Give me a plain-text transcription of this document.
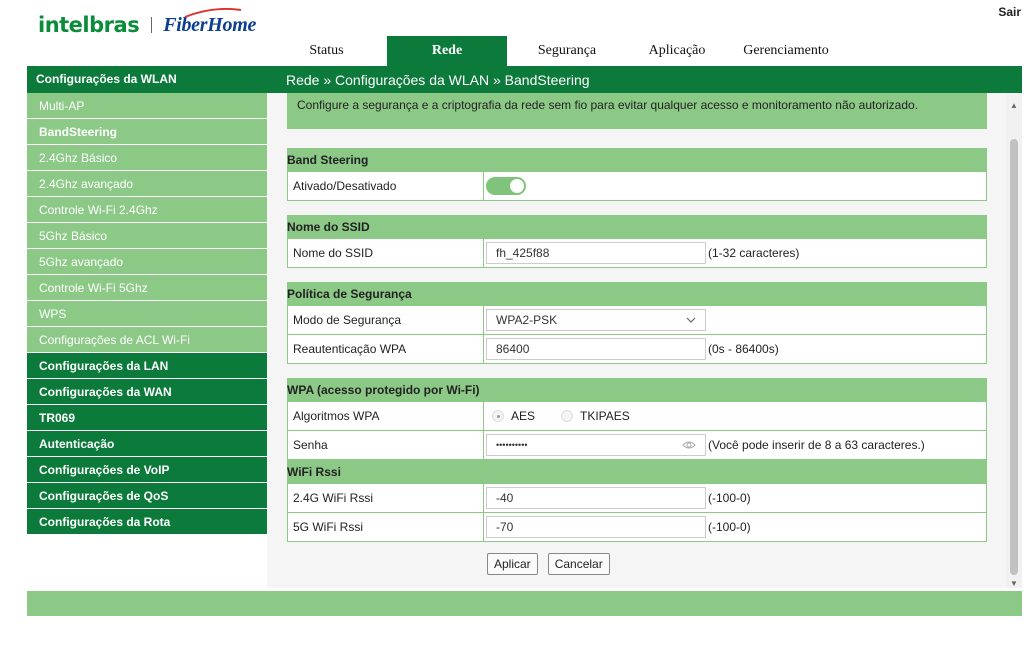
intelbras FiberHome
Sair
Status	Rede	Segurança	Aplicação	Gerenciamento
Configurações da WLAN	Rede » Configurações da WLAN » BandSteering
Multi-AP
BandSteering
2.4Ghz Básico
2.4Ghz avançado
Controle Wi-Fi 2.4Ghz
5Ghz Básico
5Ghz avançado
Controle Wi-Fi 5Ghz
WPS
Configurações de ACL Wi-Fi
Configurações da LAN
Configurações da WAN
TR069
Autenticação
Configurações de VoIP
Configurações de QoS
Configurações da Rota
Configure a segurança e a criptografia da rede sem fio para evitar qualquer acesso e monitoramento não autorizado.
Band Steering
Ativado/Desativado
Nome do SSID
Nome do SSID	fh_425f88	(1-32 caracteres)
Política de Segurança
Modo de Segurança	WPA2-PSK
Reautenticação WPA	86400	(0s - 86400s)
WPA (acesso protegido por Wi-Fi)
Algoritmos WPA	AES	TKIPAES
Senha	••••••••••	(Você pode inserir de 8 a 63 caracteres.)
WiFi Rssi
2.4G WiFi Rssi	-40	(-100-0)
5G WiFi Rssi	-70	(-100-0)
Aplicar	Cancelar
▲
▼
